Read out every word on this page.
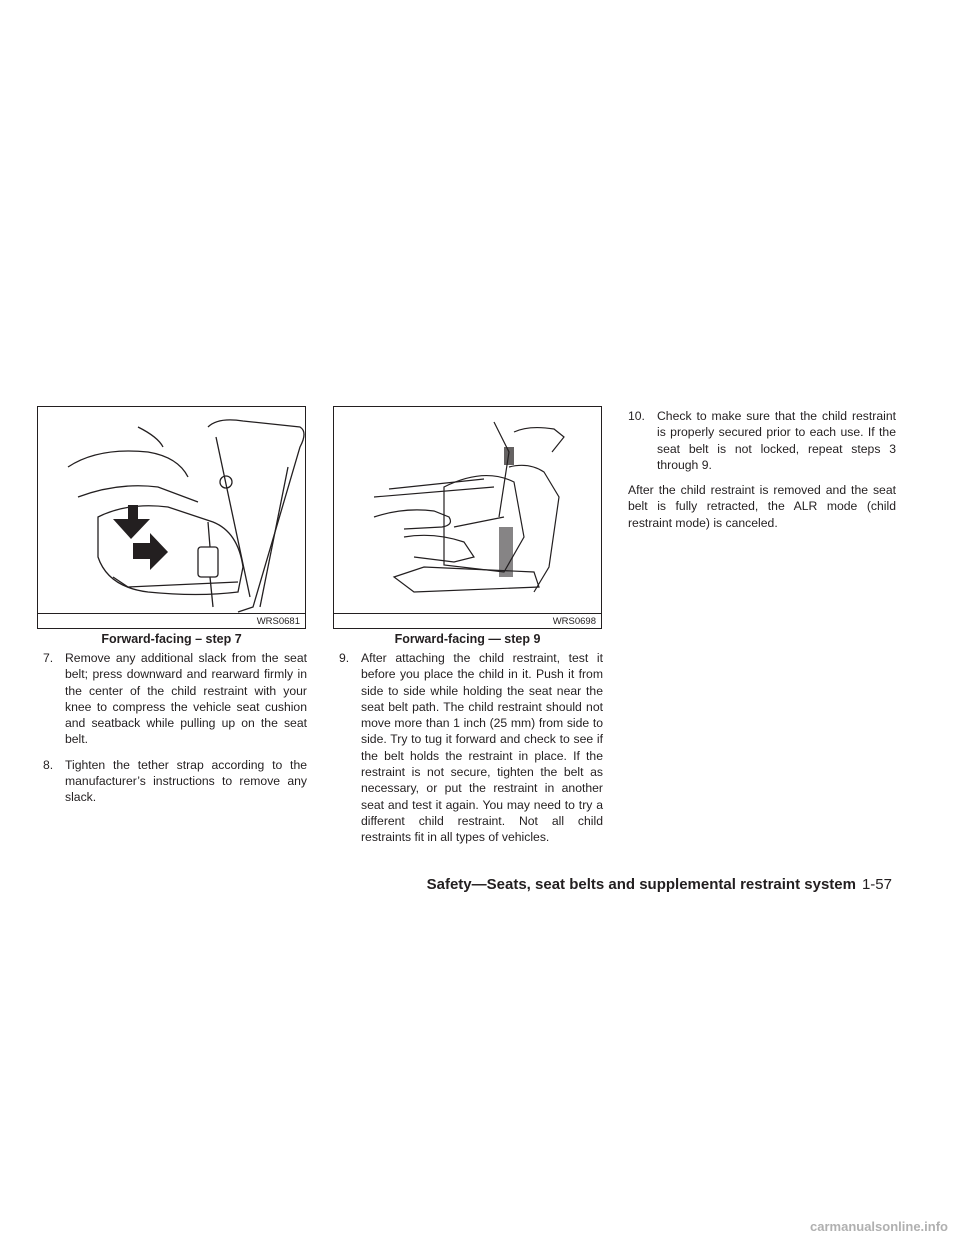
WRS0681
Forward-facing – step 7
WRS0698
Forward-facing — step 9
7. Remove any additional slack from the seat belt; press downward and rearward firmly in the center of the child restraint with your knee to compress the vehicle seat cushion and seatback while pulling up on the seat belt.
8. Tighten the tether strap according to the manufacturer’s instructions to remove any slack.
9. After attaching the child restraint, test it before you place the child in it. Push it from side to side while holding the seat near the seat belt path. The child restraint should not move more than 1 inch (25 mm) from side to side. Try to tug it forward and check to see if the belt holds the restraint in place. If the restraint is not secure, tighten the belt as necessary, or put the restraint in another seat and test it again. You may need to try a different child restraint. Not all child restraints fit in all types of vehicles.
10. Check to make sure that the child restraint is properly secured prior to each use. If the seat belt is not locked, repeat steps 3 through 9.

After the child restraint is removed and the seat belt is fully retracted, the ALR mode (child restraint mode) is canceled.

Safety—Seats, seat belts and supplemental restraint system 1-57
carmanualsonline.info
